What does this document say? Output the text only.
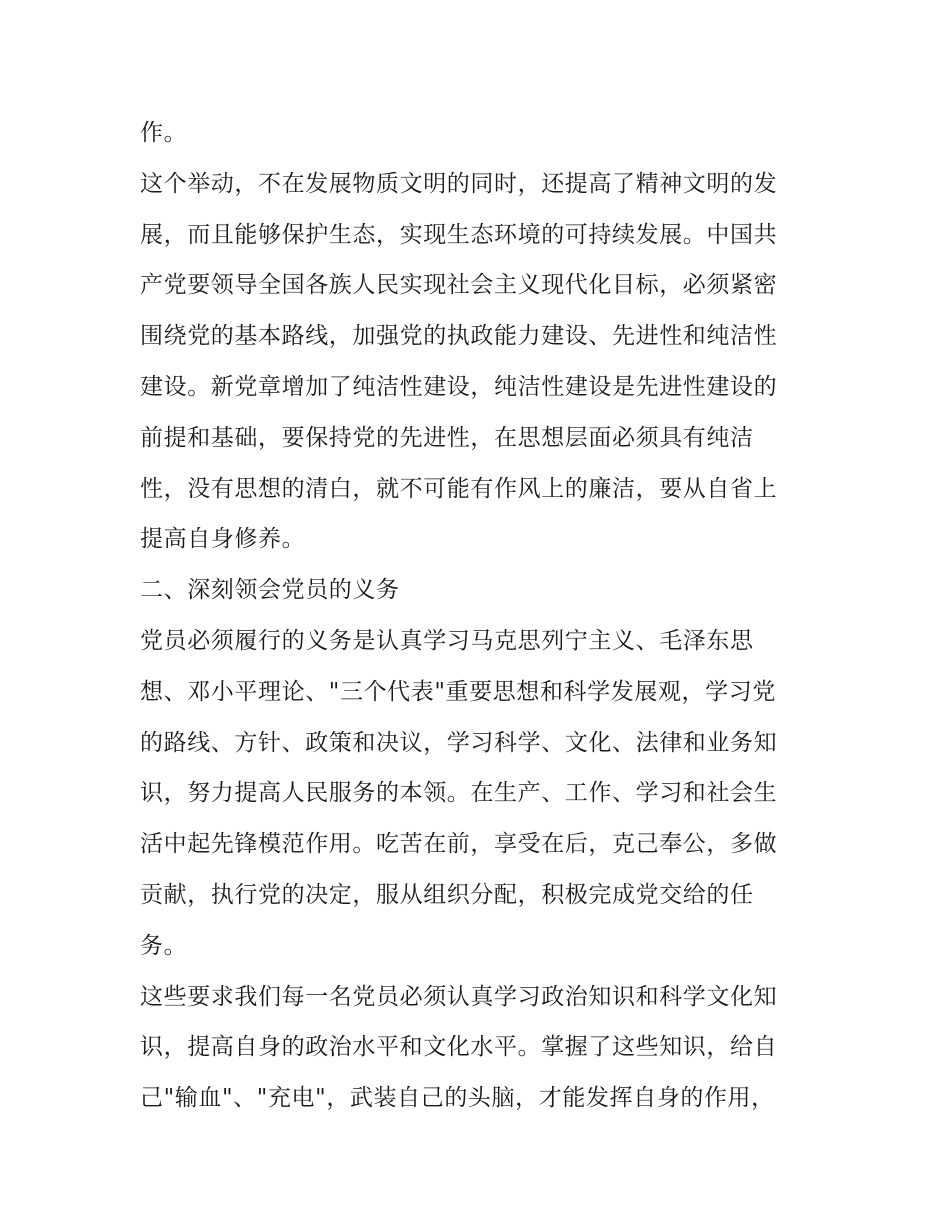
作。

这个举动，不在发展物质文明的同时，还提高了精神文明的发

展，而且能够保护生态，实现生态环境的可持续发展。中国共

产党要领导全国各族人民实现社会主义现代化目标，必须紧密

围绕党的基本路线，加强党的执政能力建设、先进性和纯洁性

建设。新党章增加了纯洁性建设，纯洁性建设是先进性建设的

前提和基础，要保持党的先进性，在思想层面必须具有纯洁

性，没有思想的清白，就不可能有作风上的廉洁，要从自省上

提高自身修养。

二、深刻领会党员的义务

党员必须履行的义务是认真学习马克思列宁主义、毛泽东思

想、邓小平理论、"三个代表"重要思想和科学发展观，学习党

的路线、方针、政策和决议，学习科学、文化、法律和业务知

识，努力提高人民服务的本领。在生产、工作、学习和社会生

活中起先锋模范作用。吃苦在前，享受在后，克己奉公，多做

贡献，执行党的决定，服从组织分配，积极完成党交给的任

务。

这些要求我们每一名党员必须认真学习政治知识和科学文化知

识，提高自身的政治水平和文化水平。掌握了这些知识，给自

己"输血"、"充电"，武装自己的头脑，才能发挥自身的作用，
